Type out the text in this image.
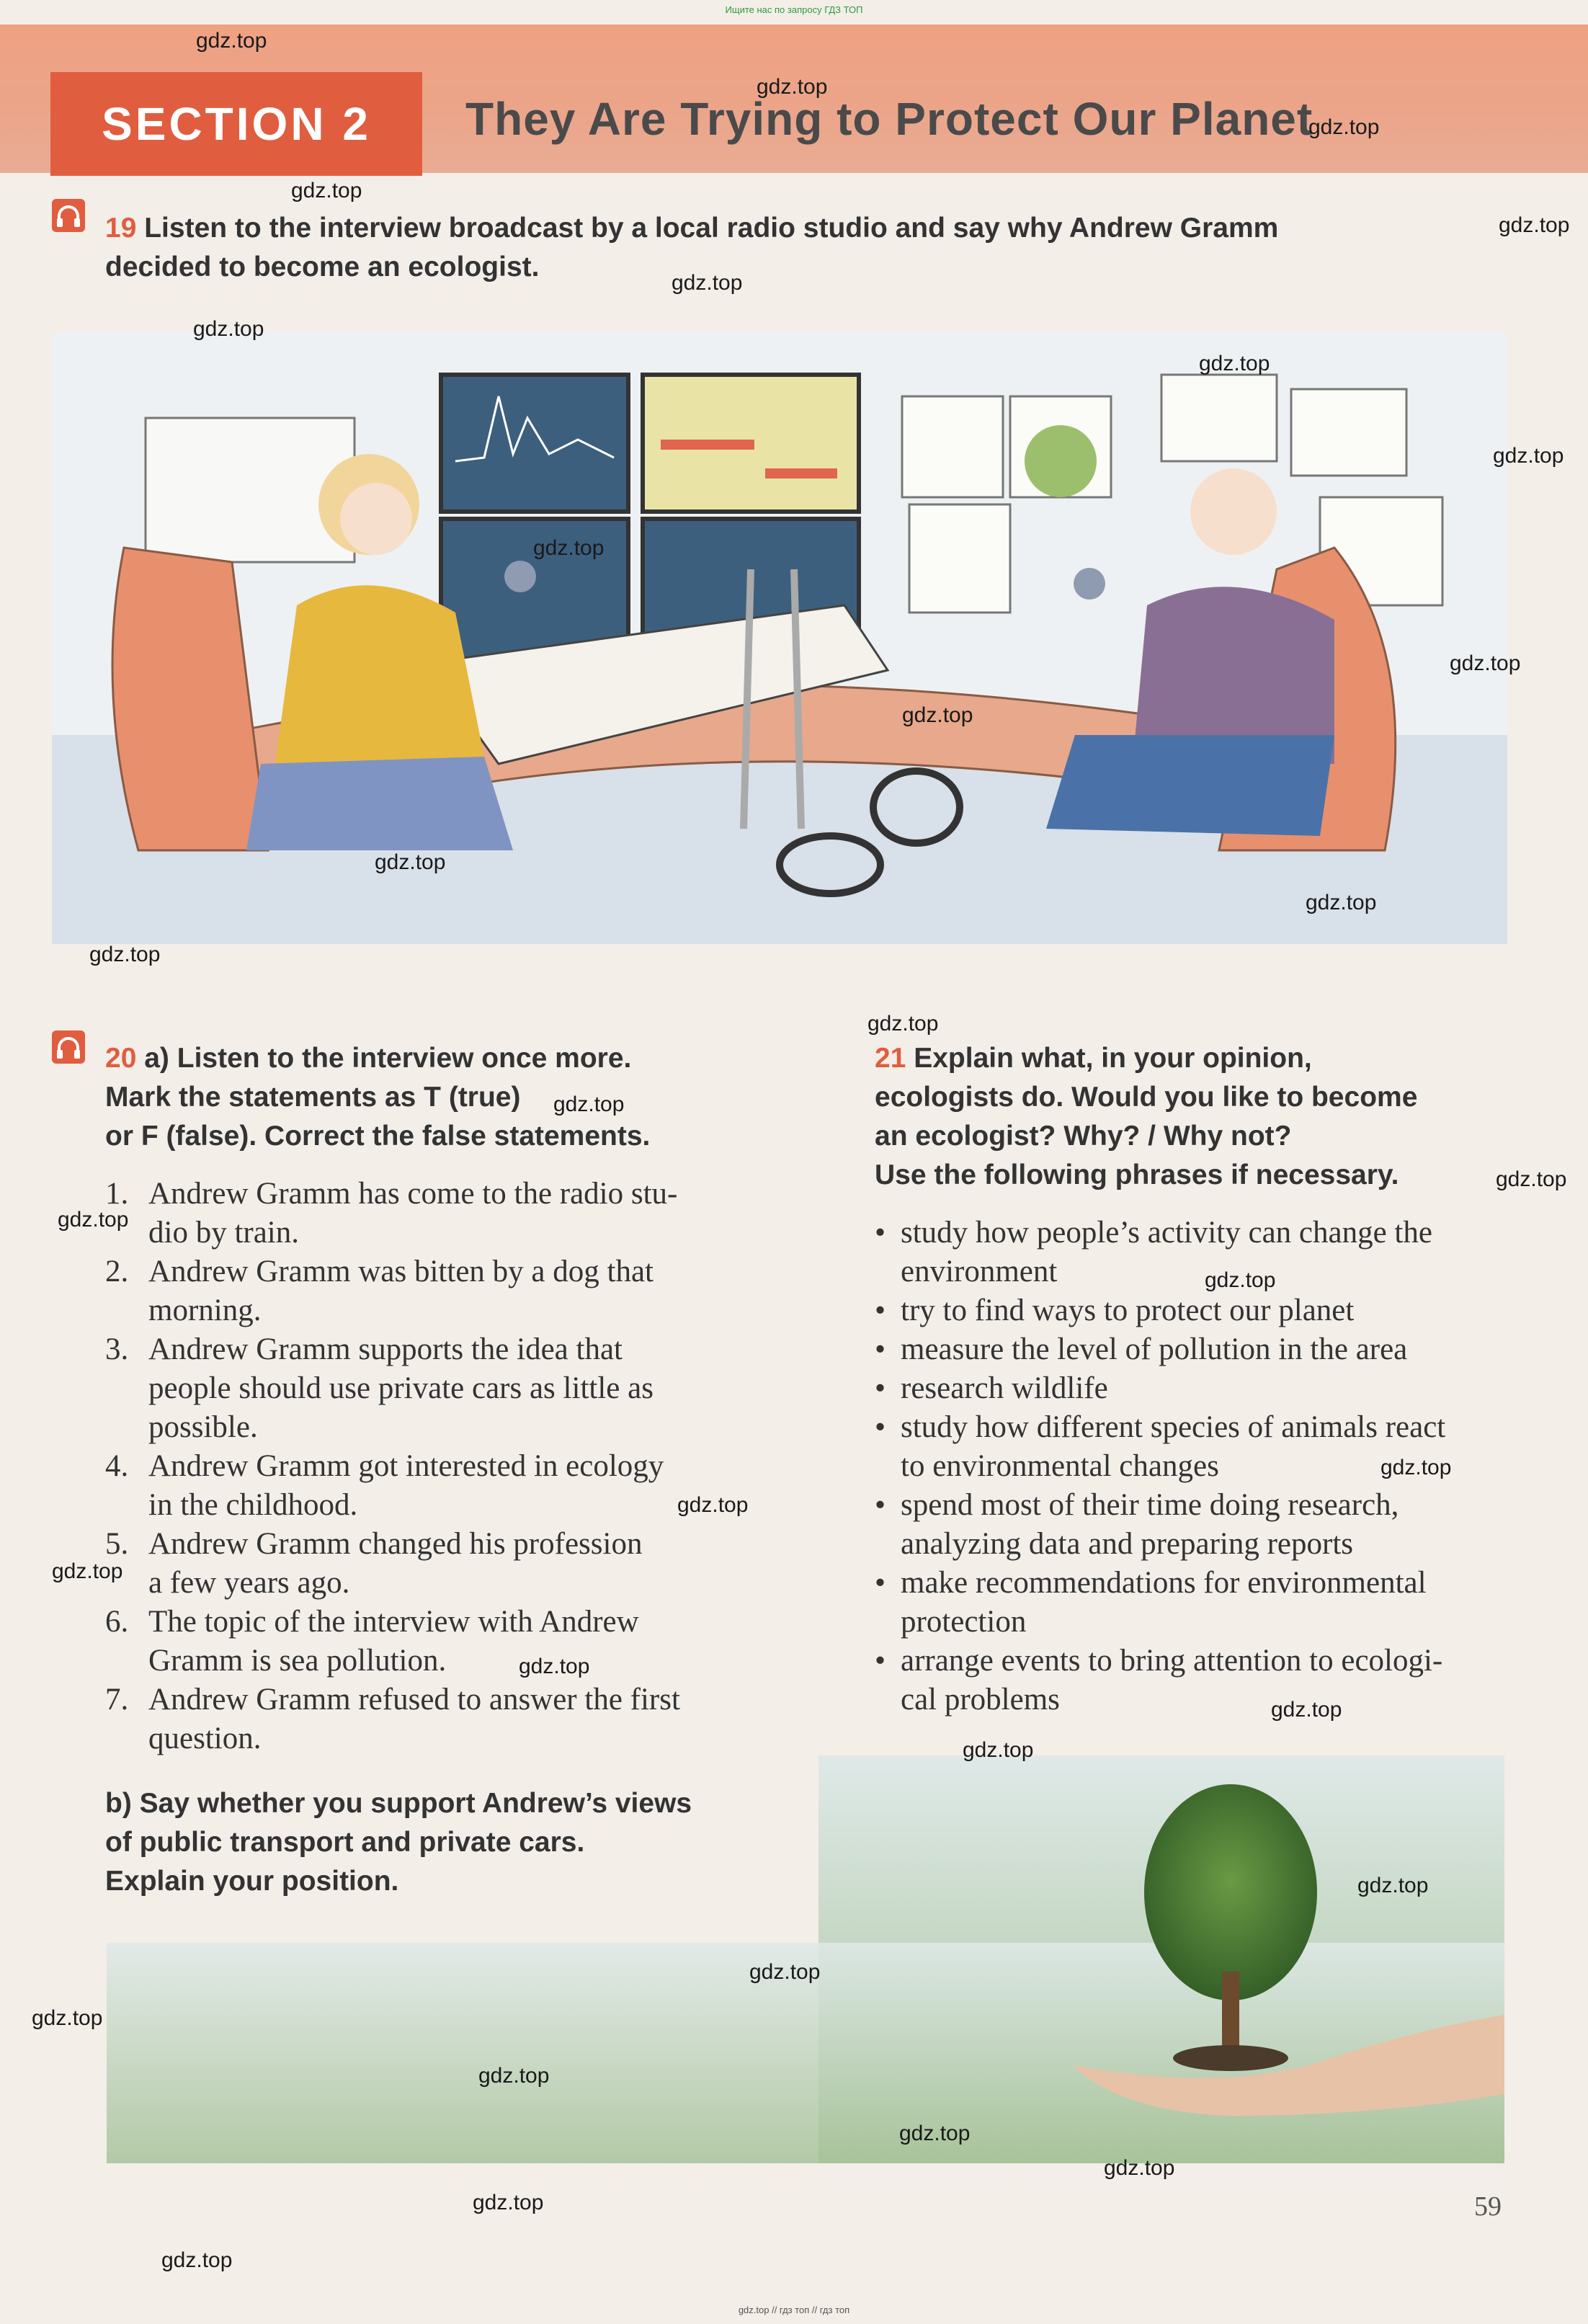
Ищите нас по запросу ГДЗ ТОП
SECTION 2	They Are Trying to Protect Our Planet
19 Listen to the interview broadcast by a local radio studio and say why Andrew Gramm
decided to become an ecologist.
20 a) Listen to the interview once more.
Mark the statements as T (true)
or F (false). Correct the false statements.
1. Andrew Gramm has come to the radio stu-
dio by train.
2. Andrew Gramm was bitten by a dog that
morning.
3. Andrew Gramm supports the idea that
people should use private cars as little as
possible.
4. Andrew Gramm got interested in ecology
in the childhood.
5. Andrew Gramm changed his profession
a few years ago.
6. The topic of the interview with Andrew
Gramm is sea pollution.
7. Andrew Gramm refused to answer the first
question.
b) Say whether you support Andrew’s views
of public transport and private cars.
Explain your position.
21 Explain what, in your opinion,
ecologists do. Would you like to become
an ecologist? Why? / Why not?
Use the following phrases if necessary.
• study how people’s activity can change the
environment
• try to find ways to protect our planet
• measure the level of pollution in the area
• research wildlife
• study how different species of animals react
to environmental changes
• spend most of their time doing research,
analyzing data and preparing reports
• make recommendations for environmental
protection
• arrange events to bring attention to ecologi-
cal problems
59
gdz.top
gdz.top
gdz.top
gdz.top
gdz.top
gdz.top
gdz.top
gdz.top
gdz.top
gdz.top
gdz.top
gdz.top
gdz.top
gdz.top
gdz.top
gdz.top
gdz.top
gdz.top
gdz.top
gdz.top
gdz.top
gdz.top
gdz.top
gdz.top
gdz.top
gdz.top
gdz.top
gdz.top
gdz.top
gdz.top
gdz.top
gdz.top
gdz.top
gdz.top
gdz.top // гдз топ // гдз топ
